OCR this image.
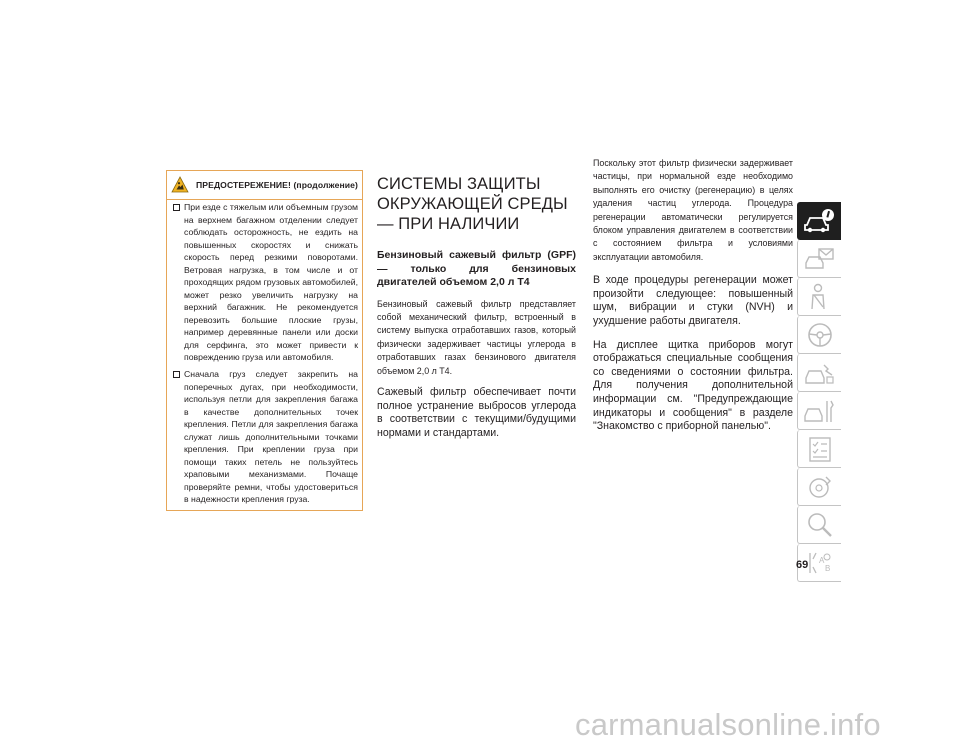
ПРЕДОСТЕРЕЖЕНИЕ! (продолжение)
При езде с тяжелым или объемным грузом на верхнем багажном отделении следует соблюдать осторожность, не ездить на повышенных скоростях и снижать скорость перед резкими поворотами. Ветровая нагрузка, в том числе и от проходящих рядом грузовых автомобилей, может резко увеличить нагрузку на верхний багажник. Не рекомендуется перевозить большие плоские грузы, например деревянные панели или доски для серфинга, это может привести к повреждению груза или автомобиля.
Сначала груз следует закрепить на поперечных дугах, при необходимости, используя петли для закрепления багажа в качестве дополнительных точек крепления. Петли для закрепления багажа служат лишь дополнительными точками крепления. При креплении груза при помощи таких петель не пользуйтесь храповыми механизмами. Почаще проверяйте ремни, чтобы удостовериться в надежности крепления груза.
СИСТЕМЫ ЗАЩИТЫ ОКРУЖАЮЩЕЙ СРЕДЫ — ПРИ НАЛИЧИИ
Бензиновый сажевый фильтр (GPF) — только для бензиновых двигателей объемом 2,0 л T4

Бензиновый сажевый фильтр представляет собой механический фильтр, встроенный в систему выпуска отработавших газов, который физически задерживает частицы углерода в отработавших газах бензинового двигателя объемом 2,0 л T4.

Сажевый фильтр обеспечивает почти полное устранение выбросов углерода в соответствии с текущими/будущими нормами и стандартами.

Поскольку этот фильтр физически задерживает частицы, при нормальной езде необходимо выполнять его очистку (регенерацию) в целях удаления частиц углерода. Процедура регенерации автоматически регулируется блоком управления двигателем в соответствии с состоянием фильтра и условиями эксплуатации автомобиля.

В ходе процедуры регенерации может произойти следующее: повышенный шум, вибрации и стуки (NVH) и ухудшение работы двигателя.

На дисплее щитка приборов могут отображаться специальные сообщения со сведениями о состоянии фильтра. Для получения дополнительной информации см. "Предупреждающие индикаторы и сообщения" в разделе "Знакомство с приборной панелью".

A
B
69
carmanualsonline.info
